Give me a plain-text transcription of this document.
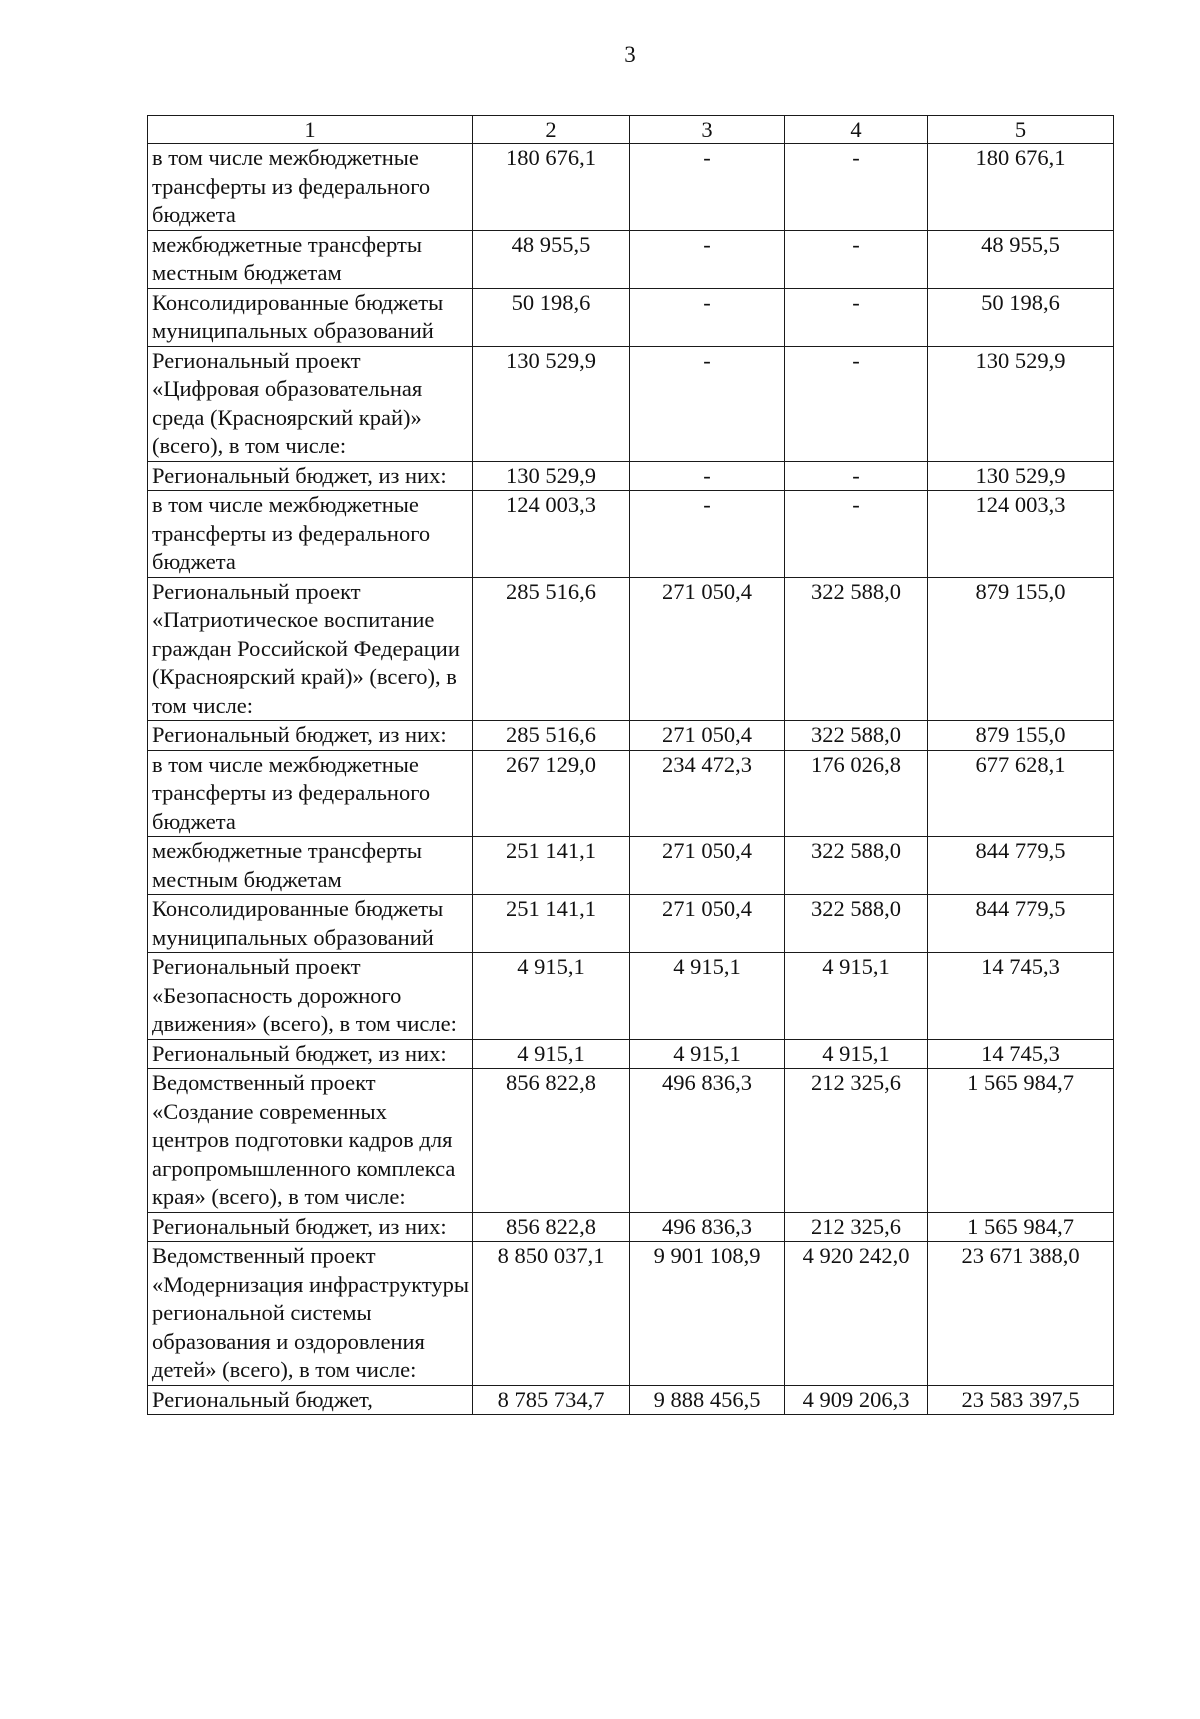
3
1	2	3	4	5
в том числе межбюджетные трансферты из федерального бюджета	180 676,1	-	-	180 676,1
межбюджетные трансферты местным бюджетам	48 955,5	-	-	48 955,5
Консолидированные бюджеты муниципальных образований	50 198,6	-	-	50 198,6
Региональный проект «Цифровая образовательная среда (Красноярский край)» (всего), в том числе:	130 529,9	-	-	130 529,9
Региональный бюджет, из них:	130 529,9	-	-	130 529,9
в том числе межбюджетные трансферты из федерального бюджета	124 003,3	-	-	124 003,3
Региональный проект «Патриотическое воспитание граждан Российской Федерации (Красноярский край)» (всего), в том числе:	285 516,6	271 050,4	322 588,0	879 155,0
Региональный бюджет, из них:	285 516,6	271 050,4	322 588,0	879 155,0
в том числе межбюджетные трансферты из федерального бюджета	267 129,0	234 472,3	176 026,8	677 628,1
межбюджетные трансферты местным бюджетам	251 141,1	271 050,4	322 588,0	844 779,5
Консолидированные бюджеты муниципальных образований	251 141,1	271 050,4	322 588,0	844 779,5
Региональный проект «Безопасность дорожного движения» (всего), в том числе:	4 915,1	4 915,1	4 915,1	14 745,3
Региональный бюджет, из них:	4 915,1	4 915,1	4 915,1	14 745,3
Ведомственный проект «Создание современных центров подготовки кадров для агропромышленного комплекса края» (всего), в том числе:	856 822,8	496 836,3	212 325,6	1 565 984,7
Региональный бюджет, из них:	856 822,8	496 836,3	212 325,6	1 565 984,7
Ведомственный проект «Модернизация инфраструктуры региональной системы образования и оздоровления детей» (всего), в том числе:	8 850 037,1	9 901 108,9	4 920 242,0	23 671 388,0
Региональный бюджет,	8 785 734,7	9 888 456,5	4 909 206,3	23 583 397,5
